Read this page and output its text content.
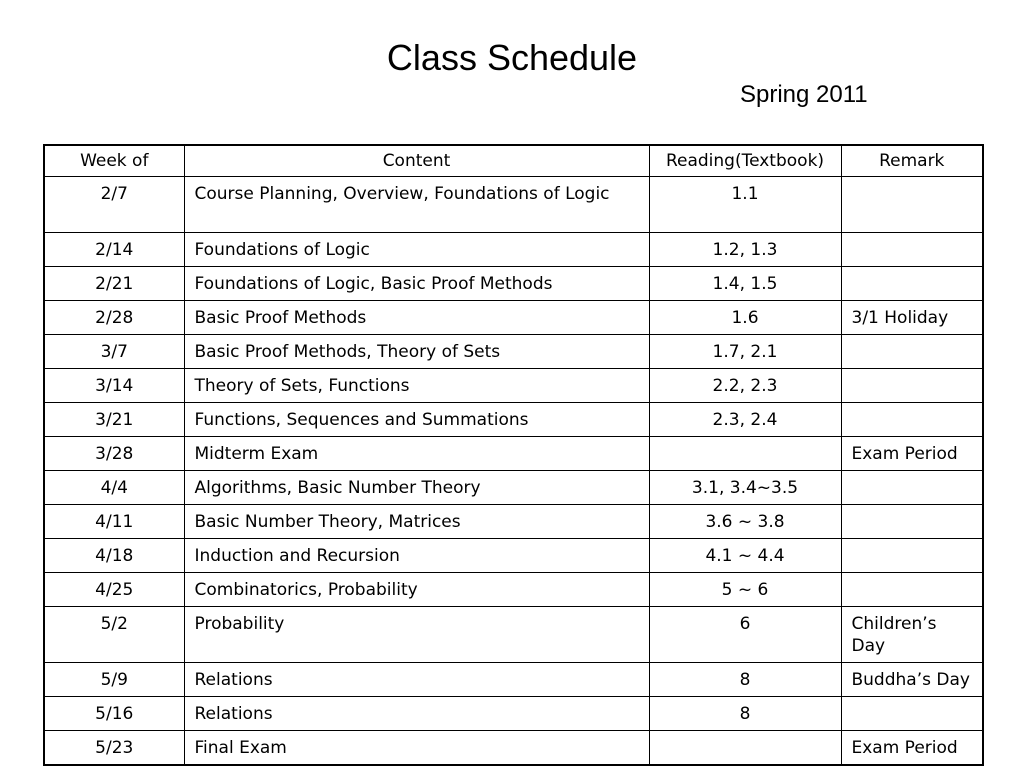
Class Schedule
Spring 2011
Week of	Content	Reading(Textbook)	Remark
2/7	Course Planning, Overview, Foundations of Logic	1.1	
2/14	Foundations of Logic	1.2, 1.3	
2/21	Foundations of Logic, Basic Proof Methods	1.4, 1.5	
2/28	Basic Proof Methods	1.6	3/1 Holiday
3/7	Basic Proof Methods, Theory of Sets	1.7, 2.1	
3/14	Theory of Sets, Functions	2.2, 2.3	
3/21	Functions, Sequences and Summations	2.3, 2.4	
3/28	Midterm Exam		Exam Period
4/4	Algorithms, Basic Number Theory	3.1, 3.4~3.5	
4/11	Basic Number Theory, Matrices	3.6 ~ 3.8	
4/18	Induction and Recursion	4.1 ~ 4.4	
4/25	Combinatorics, Probability	5 ~ 6	
5/2	Probability	6	Children’s Day
5/9	Relations	8	Buddha’s Day
5/16	Relations	8	
5/23	Final Exam		Exam Period
